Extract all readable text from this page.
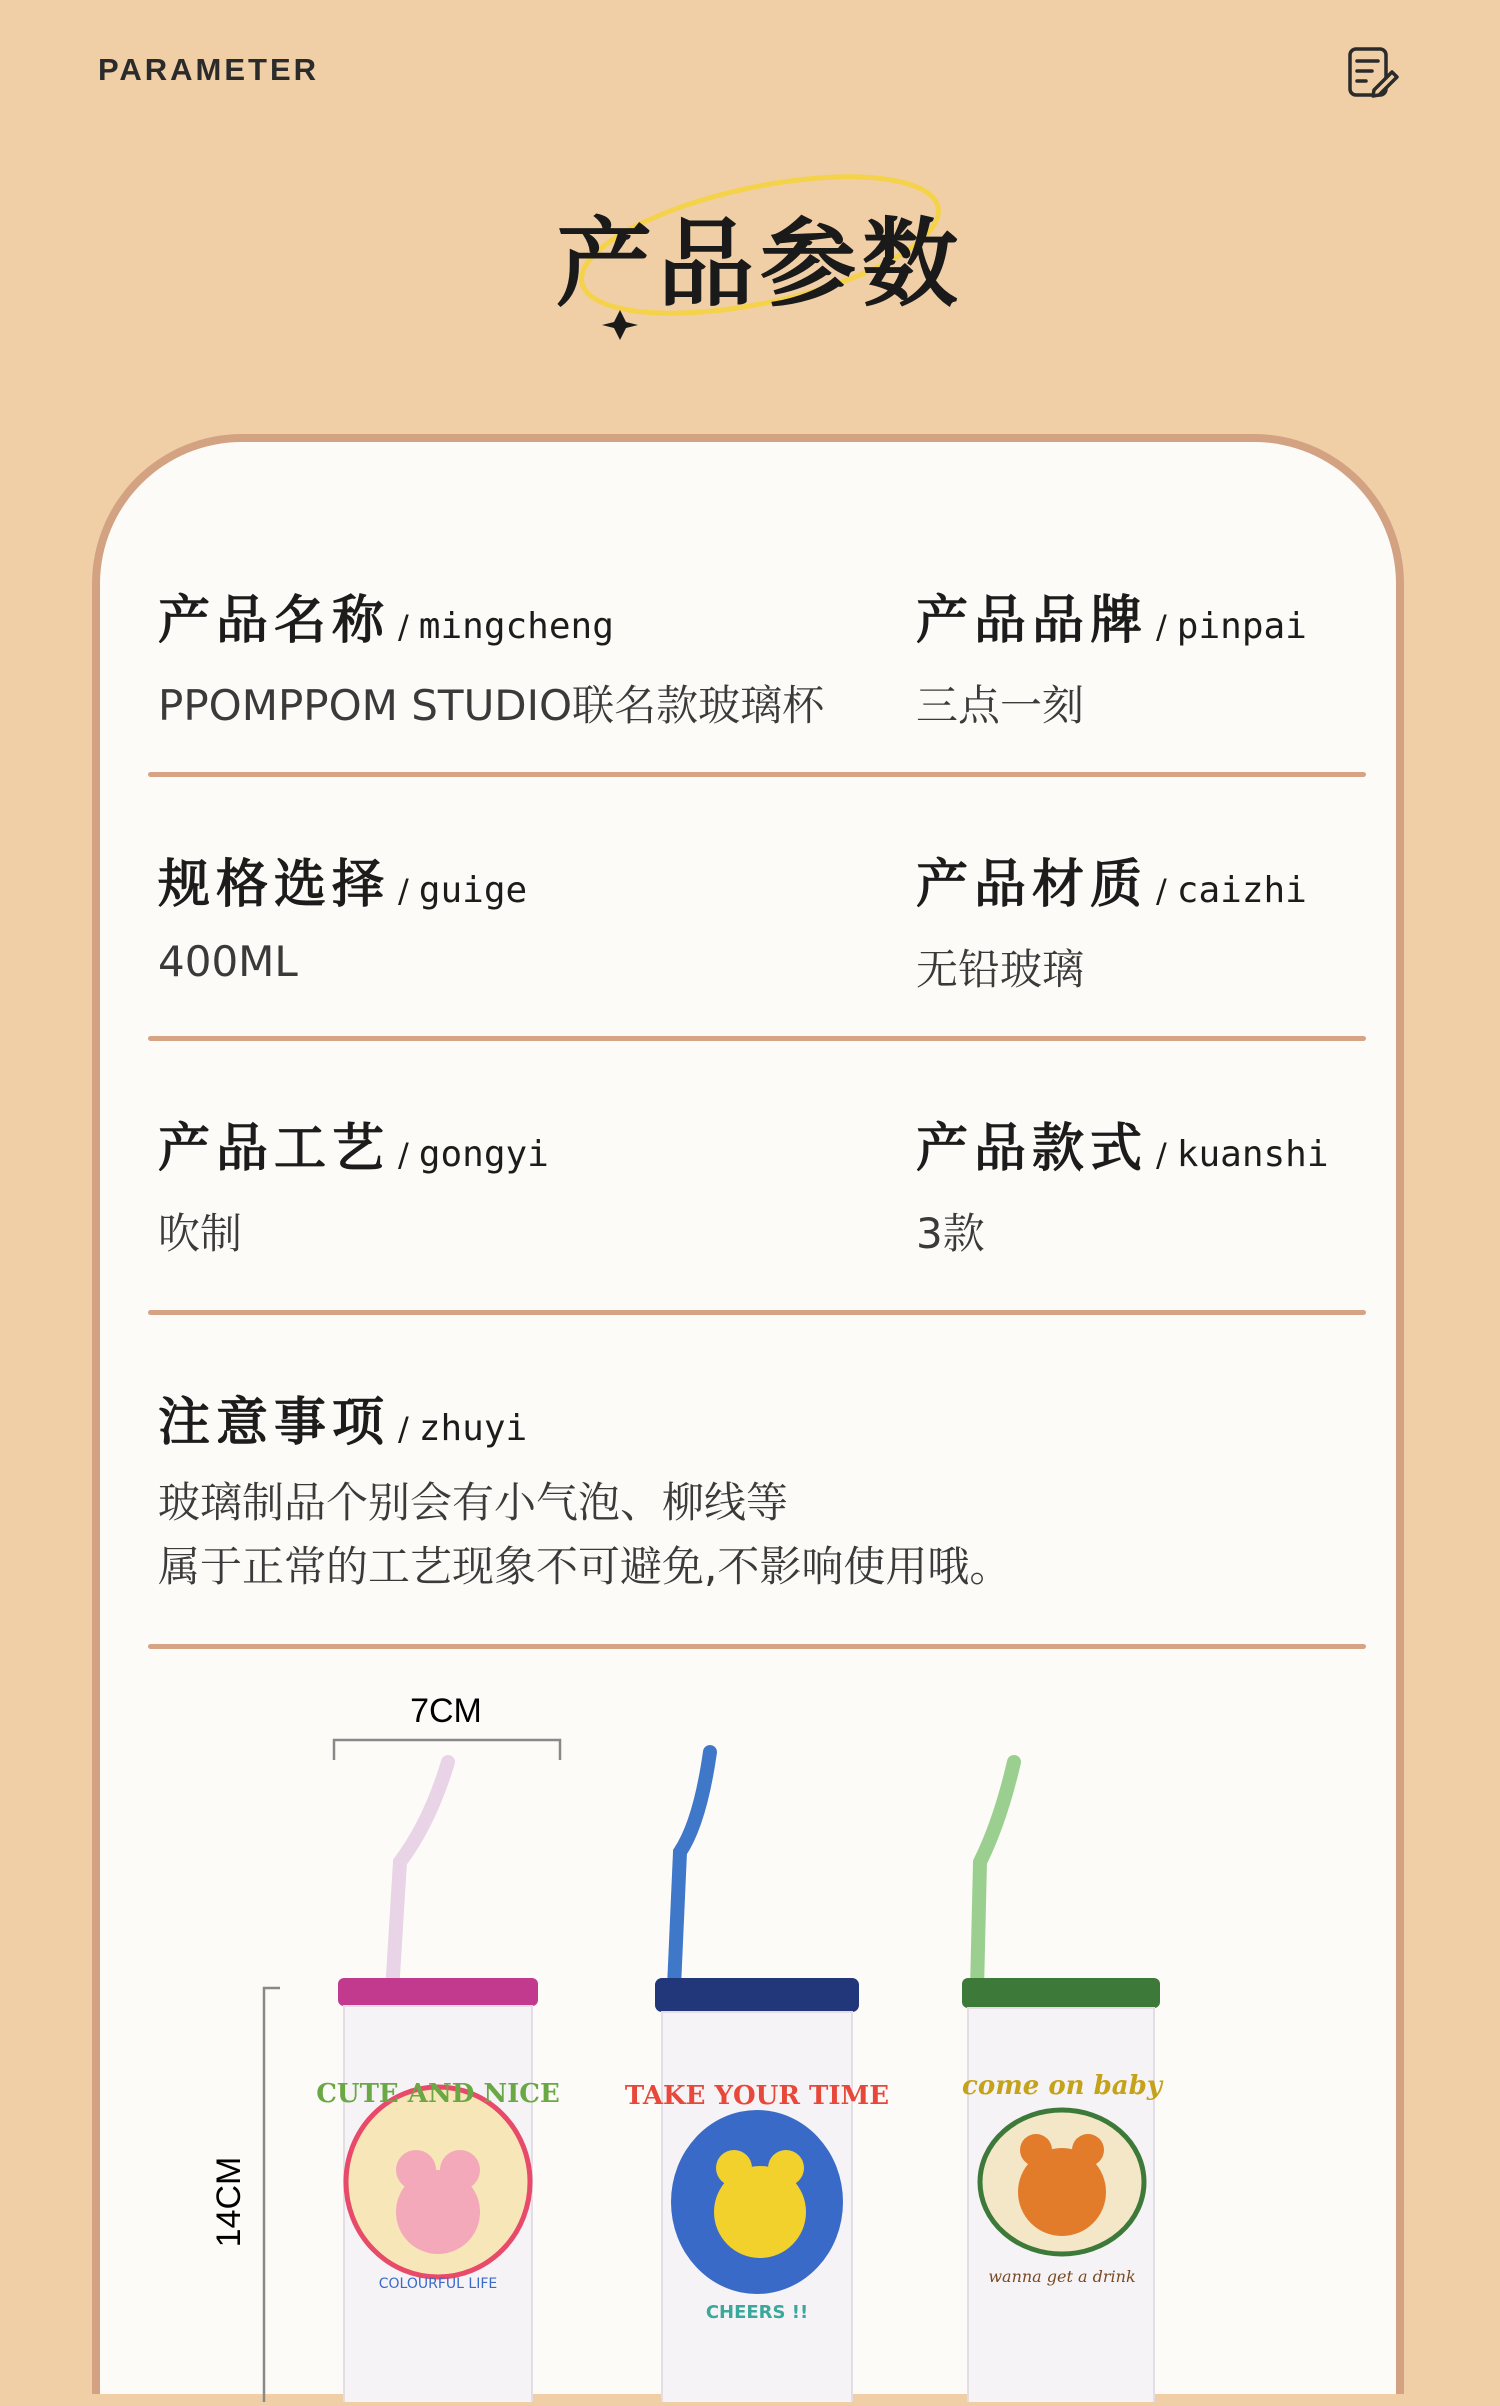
PARAMETER
产品参数
产品名称 / mingcheng
PPOMPPOM STUDIO联名款玻璃杯
产品品牌 / pinpai
三点一刻
规格选择 / guige
400ML
产品材质 / caizhi
无铅玻璃
产品工艺 / gongyi
吹制
产品款式 / kuanshi
3款
注意事项 / zhuyi
玻璃制品个别会有小气泡、柳线等
属于正常的工艺现象不可避免,不影响使用哦。
7CM
14CM
CUTE AND NICE
COLOURFUL LIFE
TAKE YOUR TIME
CHEERS !!
come on baby
wanna get a drink
